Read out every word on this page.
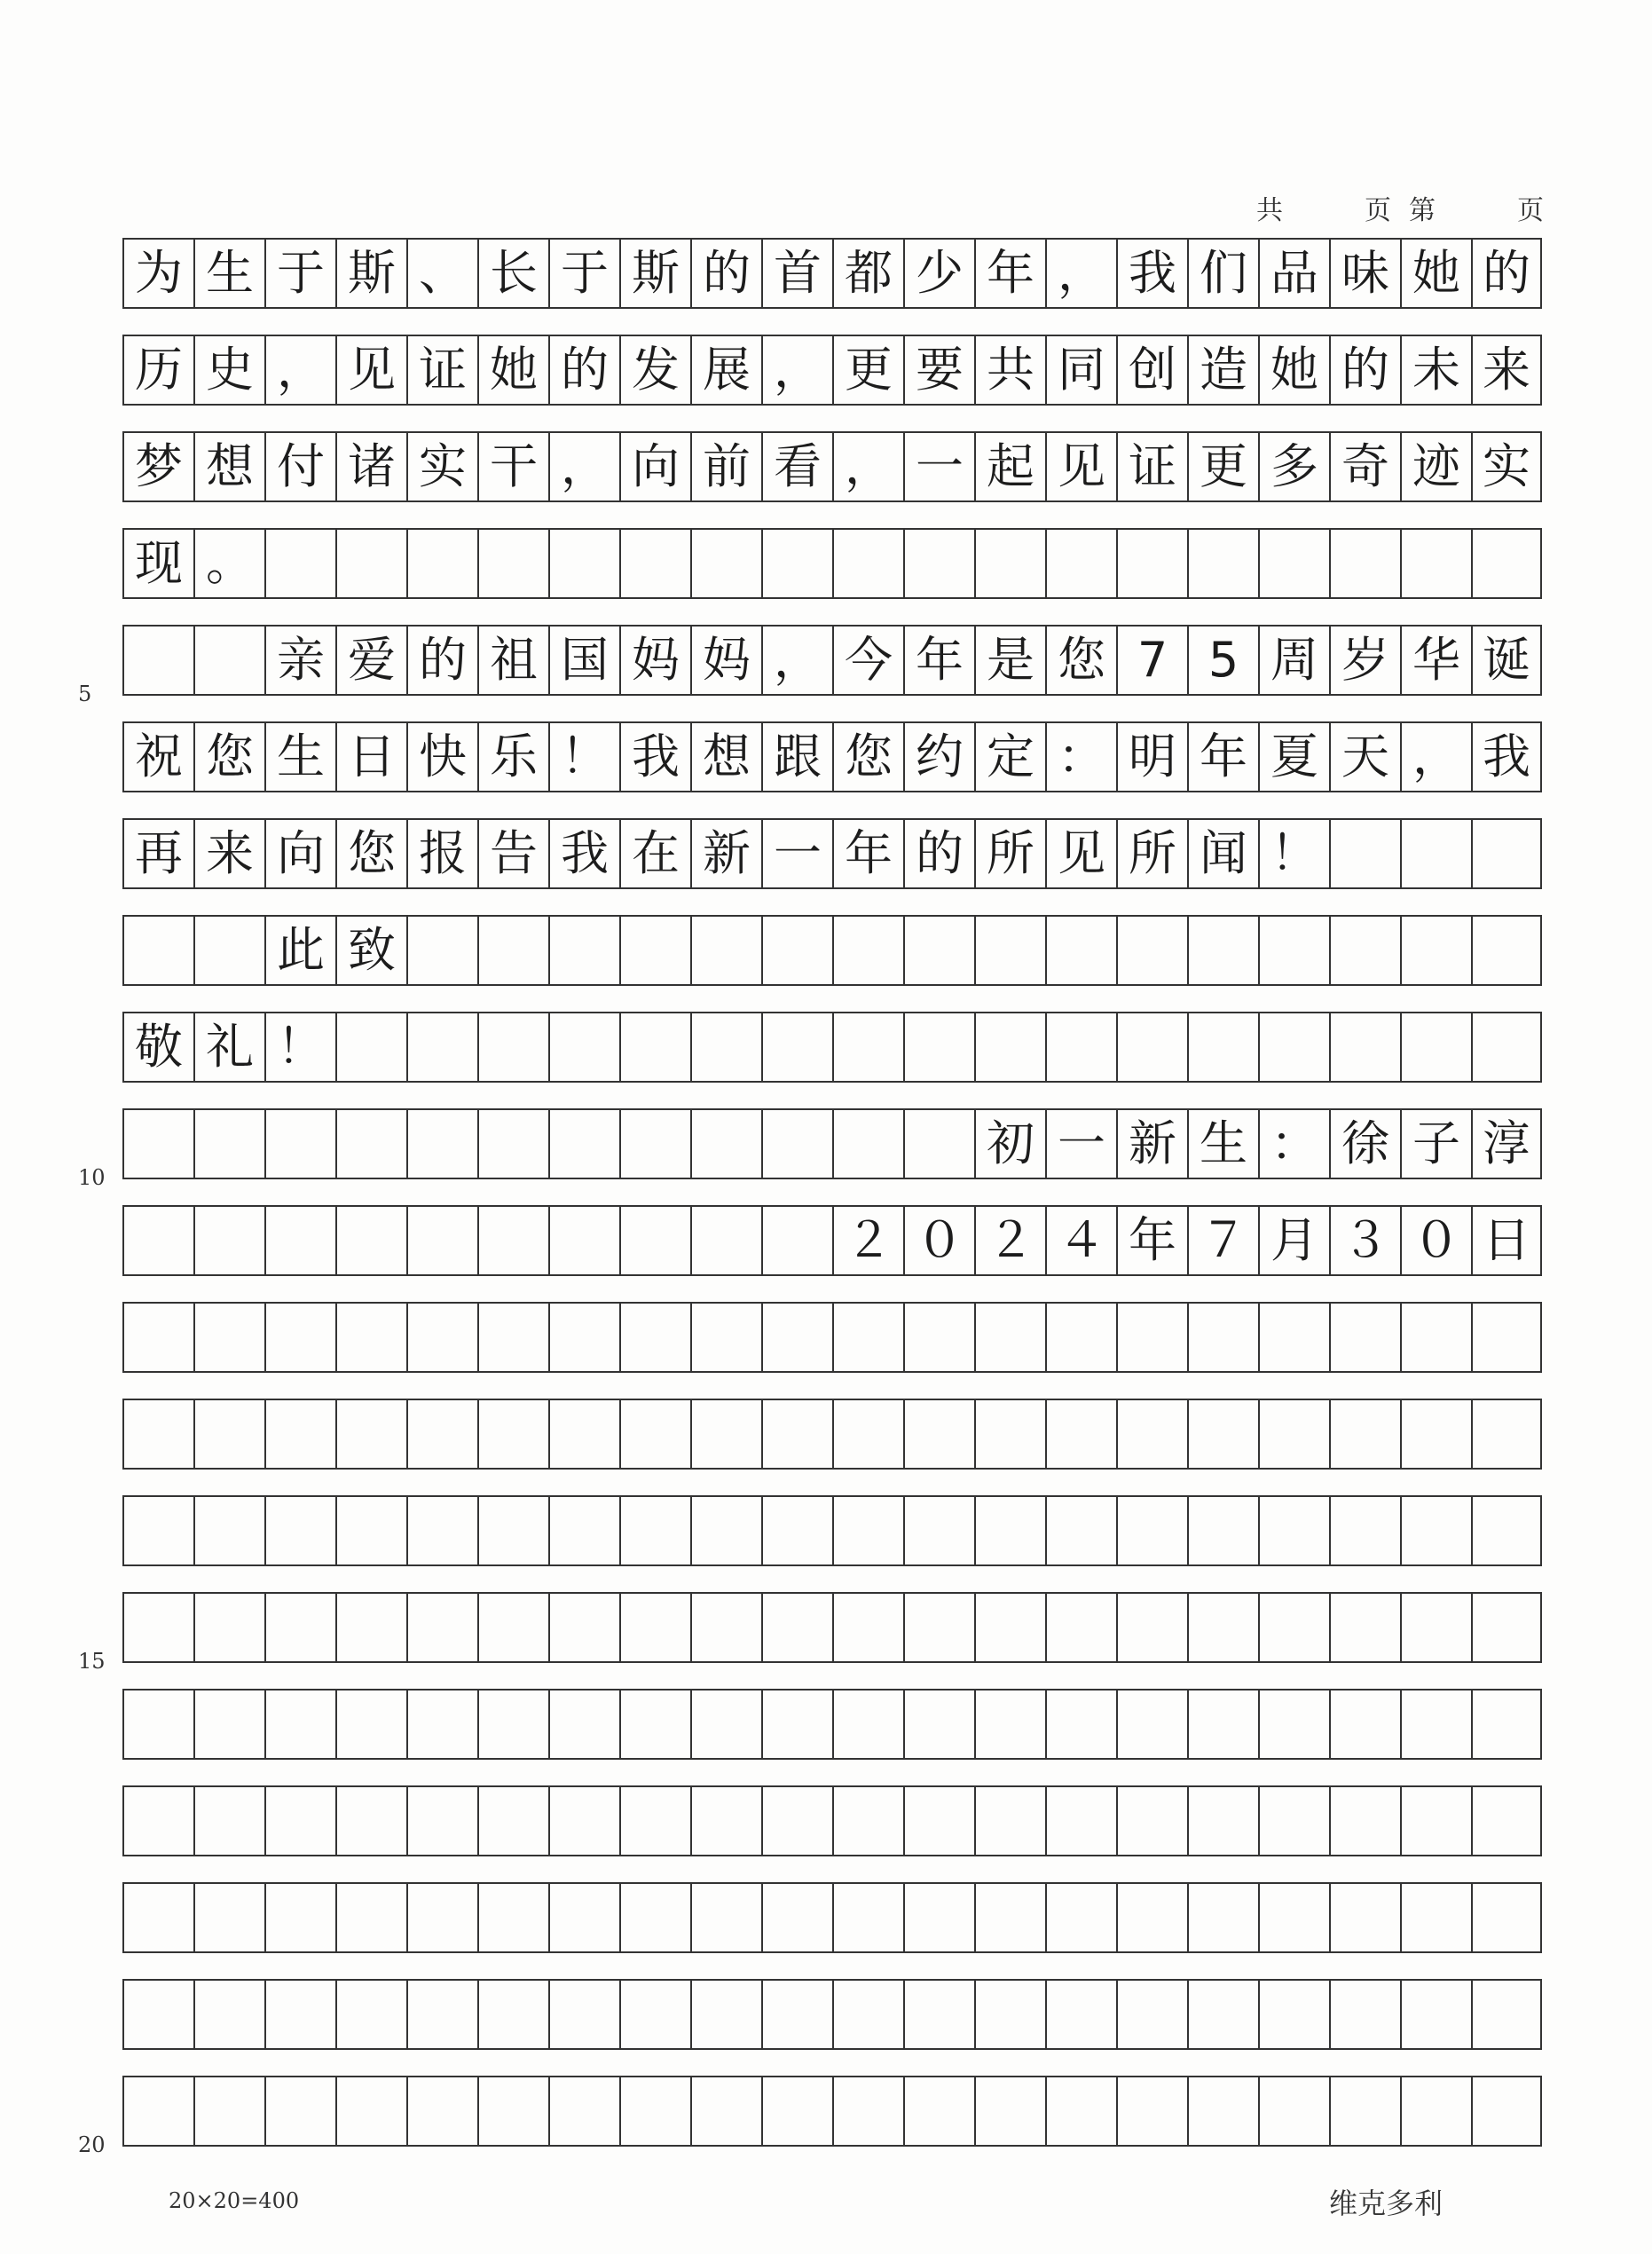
共	页 第	页
为 生 于 斯 、 长 于 斯 的 首 都 少 年 ， 我 们 品 味 她 的
历 史 ， 见 证 她 的 发 展 ， 更 要 共 同 创 造 她 的 未 来
梦 想 付 诸 实 干 ， 向 前 看 ， 一 起 见 证 更 多 奇 迹 实
现 。
亲 爱 的 祖 国 妈 妈 ， 今 年 是 您 7 5 周 岁 华 诞
祝 您 生 日 快 乐 ！ 我 想 跟 您 约 定 ： 明 年 夏 天 ， 我
再 来 向 您 报 告 我 在 新 一 年 的 所 见 所 闻 ！
此 致
敬 礼 ！
初 一 新 生 ： 徐 子 淳
２ ０ ２ ４ 年 ７ 月 ３ ０ 日
5
10
15
20
20×20=400	维克多利
